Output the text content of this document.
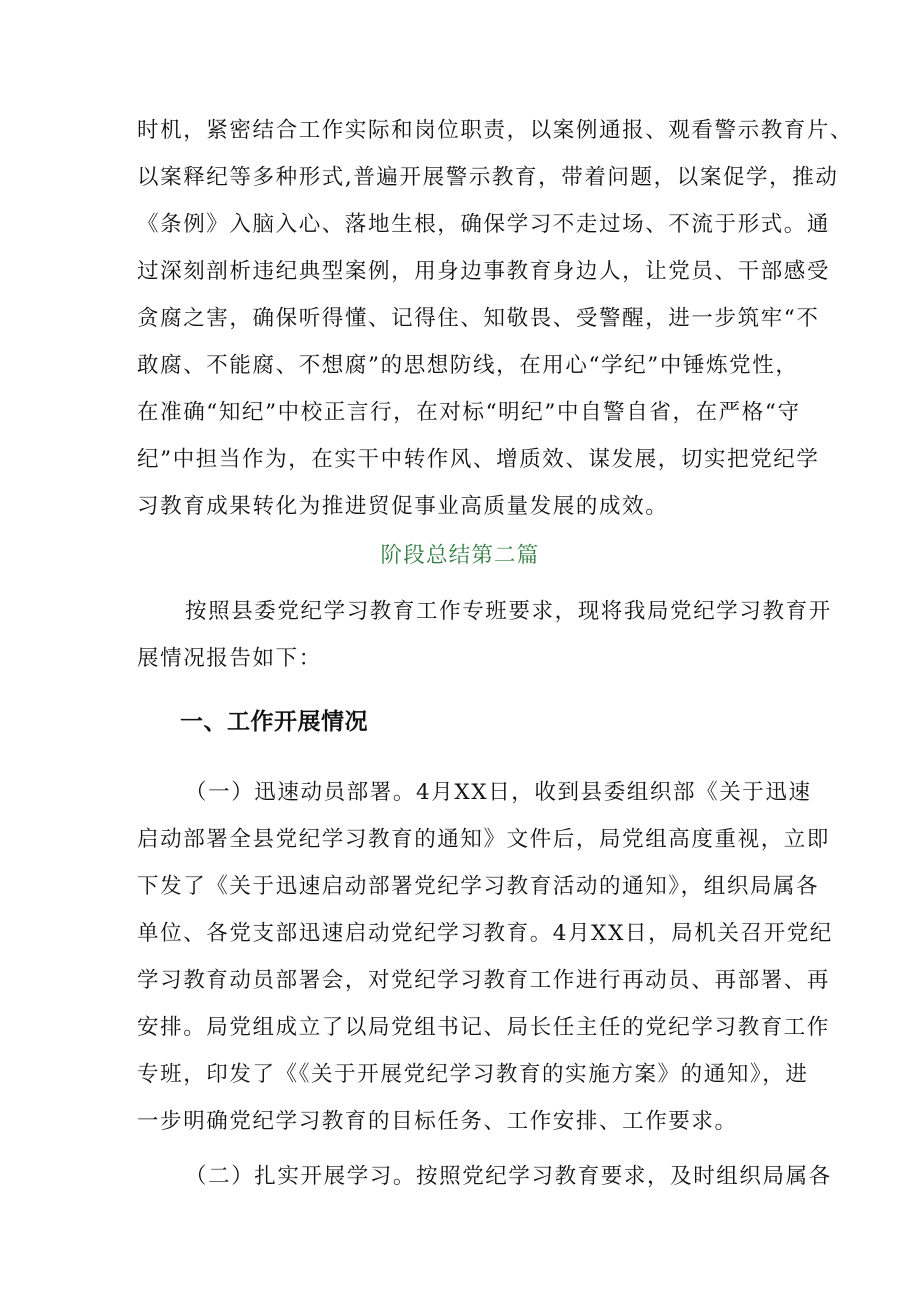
时机，紧密结合工作实际和岗位职责，以案例通报、观看警示教育片、
以案释纪等多种形式,普遍开展警示教育，带着问题，以案促学，推动
《条例》入脑入心、落地生根，确保学习不走过场、不流于形式。通
过深刻剖析违纪典型案例，用身边事教育身边人，让党员、干部感受
贪腐之害，确保听得懂、记得住、知敬畏、受警醒，进一步筑牢“不
敢腐、不能腐、不想腐”的思想防线，在用心“学纪”中锤炼党性，
在准确“知纪”中校正言行，在对标“明纪”中自警自省，在严格“守
纪”中担当作为，在实干中转作风、增质效、谋发展，切实把党纪学
习教育成果转化为推进贸促事业高质量发展的成效。
阶段总结第二篇
按照县委党纪学习教育工作专班要求，现将我局党纪学习教育开
展情况报告如下：
一、工作开展情况
（一）迅速动员部署。4月XX日，收到县委组织部《关于迅速
启动部署全县党纪学习教育的通知》文件后，局党组高度重视，立即
下发了《关于迅速启动部署党纪学习教育活动的通知》，组织局属各
单位、各党支部迅速启动党纪学习教育。4月XX日，局机关召开党纪
学习教育动员部署会，对党纪学习教育工作进行再动员、再部署、再
安排。局党组成立了以局党组书记、局长任主任的党纪学习教育工作
专班，印发了《《关于开展党纪学习教育的实施方案》的通知》，进
一步明确党纪学习教育的目标任务、工作安排、工作要求。
（二）扎实开展学习。按照党纪学习教育要求，及时组织局属各
